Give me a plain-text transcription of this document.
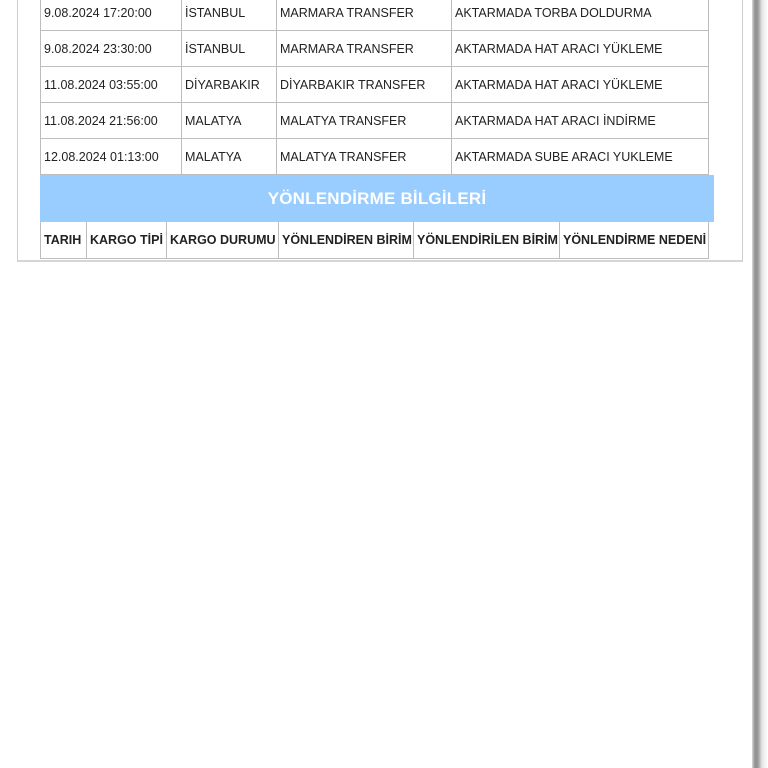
9.08.2024 17:20:00	İSTANBUL	MARMARA TRANSFER	AKTARMADA TORBA DOLDURMA
9.08.2024 23:30:00	İSTANBUL	MARMARA TRANSFER	AKTARMADA HAT ARACI YÜKLEME
11.08.2024 03:55:00	DİYARBAKIR	DİYARBAKIR TRANSFER	AKTARMADA HAT ARACI YÜKLEME
11.08.2024 21:56:00	MALATYA	MALATYA TRANSFER	AKTARMADA HAT ARACI İNDİRME
12.08.2024 01:13:00	MALATYA	MALATYA TRANSFER	AKTARMADA SUBE ARACI YUKLEME
YÖNLENDİRME BİLGİLERİ
TARIH	KARGO TİPİ	KARGO DURUMU	YÖNLENDİREN BİRİM	YÖNLENDİRİLEN BİRİM	YÖNLENDİRME NEDENİ
